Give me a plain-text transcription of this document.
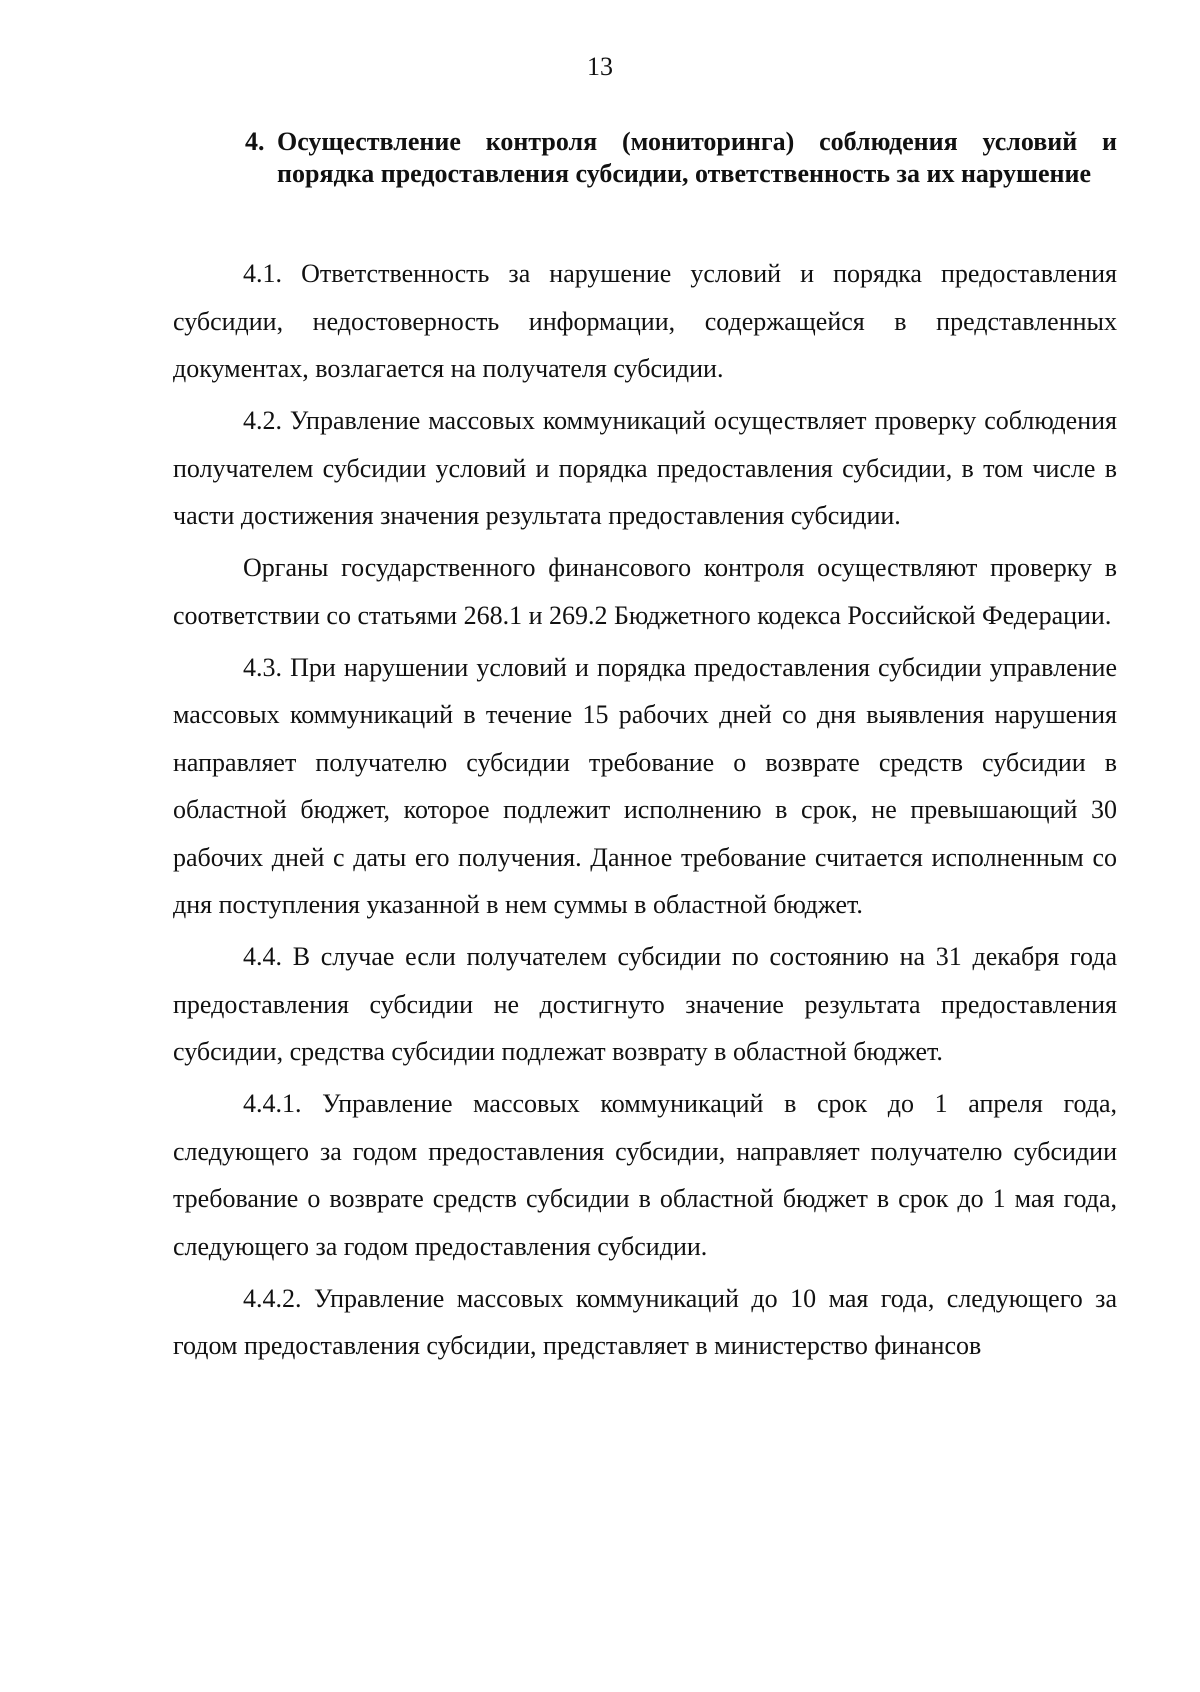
13
4. Осуществление контроля (мониторинга) соблюдения условий и порядка предоставления субсидии, ответственность за их нарушение

4.1. Ответственность за нарушение условий и порядка предоставления субсидии, недостоверность информации, содержащейся в представленных документах, возлагается на получателя субсидии.

4.2. Управление массовых коммуникаций осуществляет проверку соблюдения получателем субсидии условий и порядка предоставления субсидии, в том числе в части достижения значения результата предоставления субсидии.

Органы государственного финансового контроля осуществляют проверку в соответствии со статьями 268.1 и 269.2 Бюджетного кодекса Российской Федерации.

4.3. При нарушении условий и порядка предоставления субсидии управление массовых коммуникаций в течение 15 рабочих дней со дня выявления нарушения направляет получателю субсидии требование о возврате средств субсидии в областной бюджет, которое подлежит исполнению в срок, не превышающий 30 рабочих дней с даты его получения. Данное требование считается исполненным со дня поступления указанной в нем суммы в областной бюджет.

4.4. В случае если получателем субсидии по состоянию на 31 декабря года предоставления субсидии не достигнуто значение результата предоставления субсидии, средства субсидии подлежат возврату в областной бюджет.

4.4.1. Управление массовых коммуникаций в срок до 1 апреля года, следующего за годом предоставления субсидии, направляет получателю субсидии требование о возврате средств субсидии в областной бюджет в срок до 1 мая года, следующего за годом предоставления субсидии.

4.4.2. Управление массовых коммуникаций до 10 мая года, следующего за годом предоставления субсидии, представляет в министерство финансов
